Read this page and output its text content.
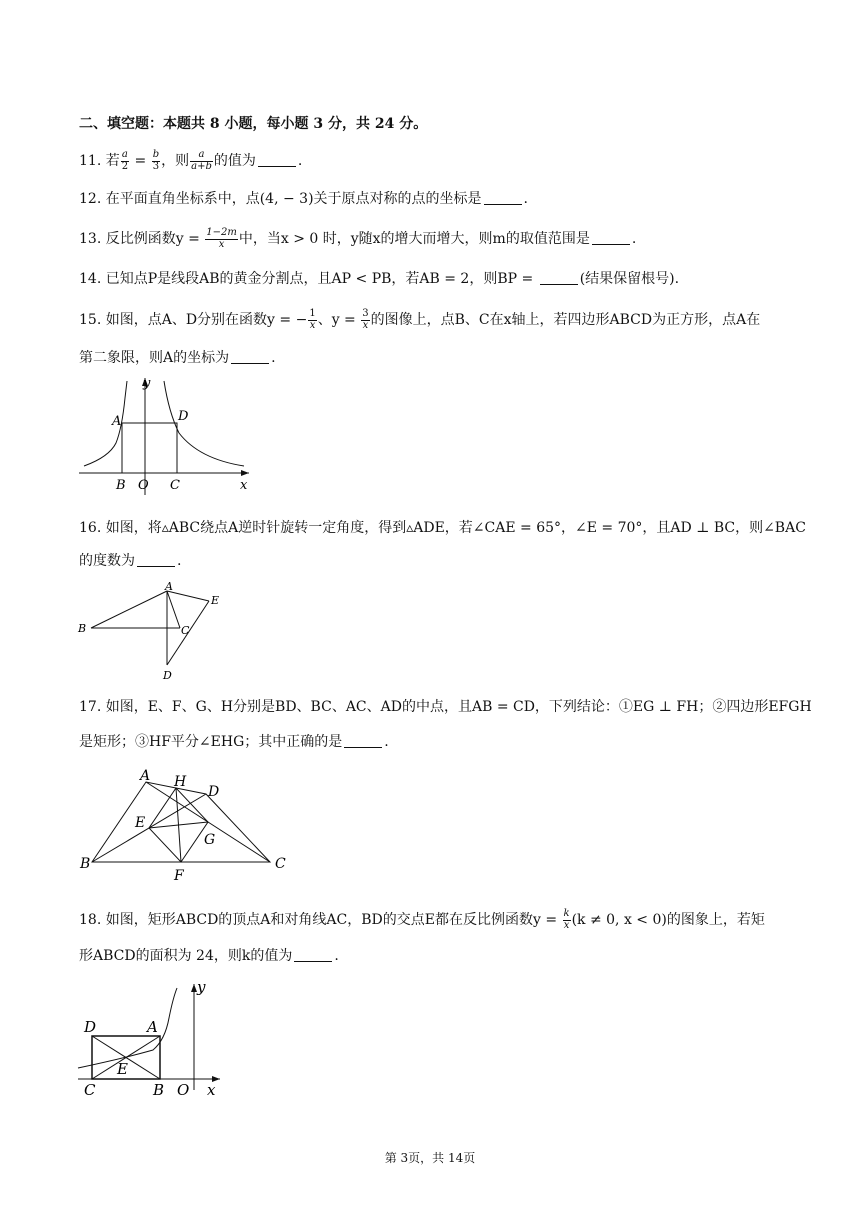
二、填空题：本题共 8 小题，每小题 3 分，共 24 分。
11. 若 $\frac{a}{2} = \frac{b}{3}$ ，则 $\frac{a}{a+b}$ 的值为	.
12. 在平面直角坐标系中，点(4, − 3)关于原点对称的点的坐标是	.
13. 反比例函数$y = \frac{1-2m}{x}$ 中，当x > 0 时，y随x的增大而增大，则m的取值范围是	.
14. 已知点P是线段AB的黄金分割点，且AP < PB，若AB = 2，则BP =	(结果保留根号).
15. 如图，点A、D分别在函数y = − $\frac{1}{x}$ 、$y = \frac{3}{x}$ 的图像上，点B、C在x轴上，若四边形ABCD为正方形，点A在
第二象限，则A的坐标为	.
A	D
B O C	x
y
16. 如图，将▵ABC绕点A逆时针旋转一定角度，得到▵ADE，若∠CAE = 65°，∠E = 70°，且AD ⊥ BC，则∠BAC
的度数为	.
A
B	C
D
E
17. 如图，E、F、G、H分别是BD、BC、AC、AD的中点，且AB = CD，下列结论：①EG ⊥ FH；②四边形EFGH
是矩形；③HF平分∠EHG；其中正确的是	.
A H
D
E
G
B
F
C
18. 如图，矩形ABCD的顶点A和对角线AC，BD的交点E都在反比例函数$y = \frac{k}{x} (k \ne 0$, x < 0)的图象上，若矩
形ABCD的面积为 24，则k的值为	.
y
D	A
E
C	B O x
第 3页，共 14页
